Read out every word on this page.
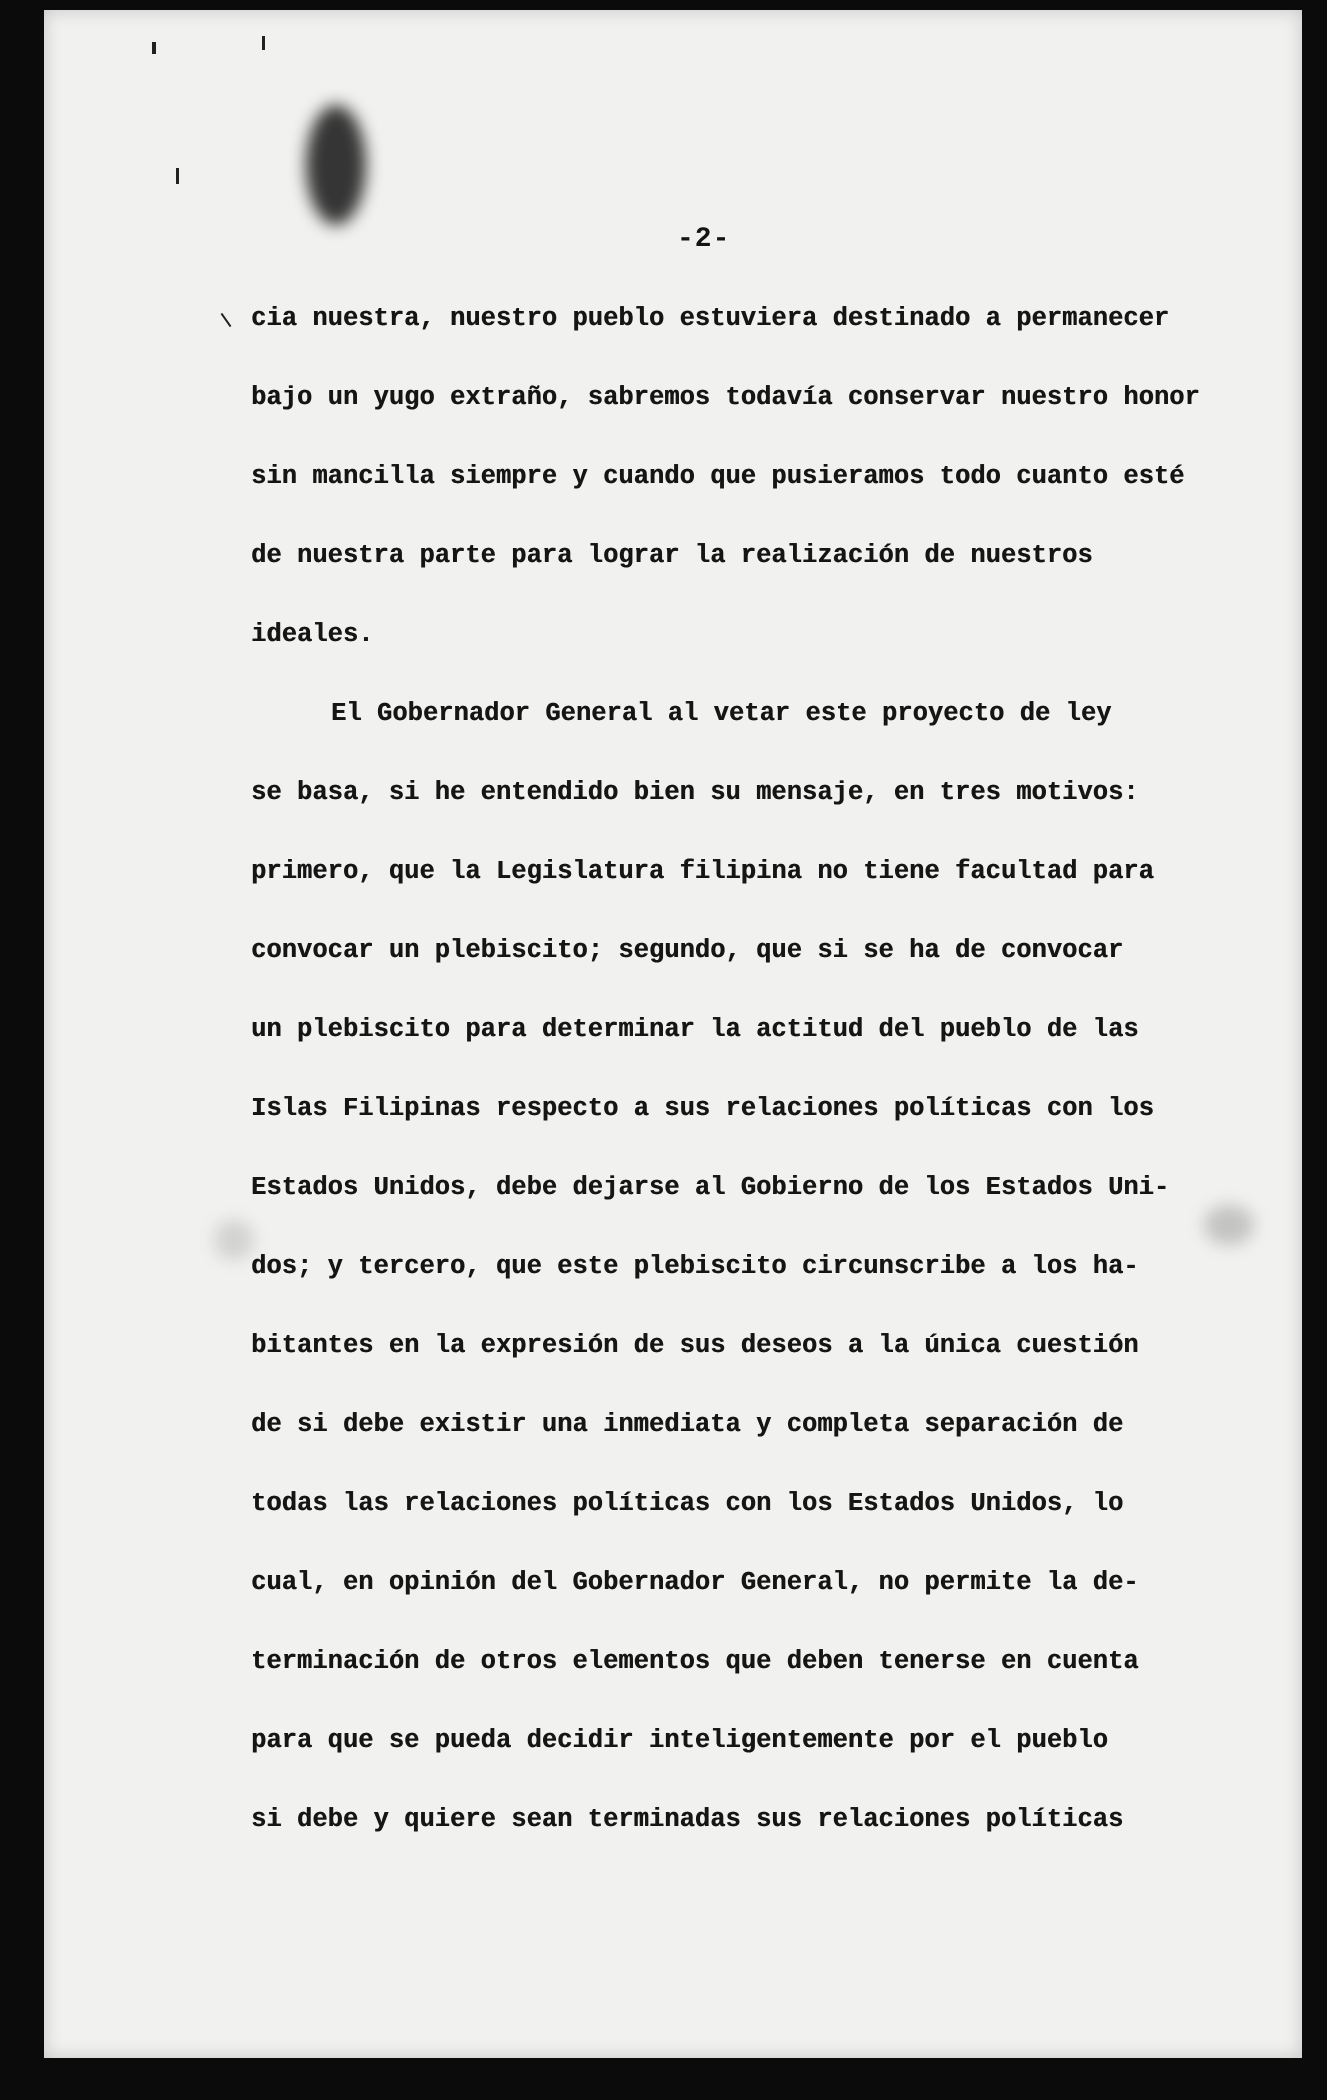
-2-
cia nuestra, nuestro pueblo estuviera destinado a permanecer
bajo un yugo extraño, sabremos todavía conservar nuestro honor
sin mancilla siempre y cuando que pusieramos todo cuanto esté
de nuestra parte para lograr la realización de nuestros
ideales.
El Gobernador General al vetar este proyecto de ley
se basa, si he entendido bien su mensaje, en tres motivos:
primero, que la Legislatura filipina no tiene facultad para
convocar un plebiscito; segundo, que si se ha de convocar
un plebiscito para determinar la actitud del pueblo de las
Islas Filipinas respecto a sus relaciones políticas con los
Estados Unidos, debe dejarse al Gobierno de los Estados Uni-
dos; y tercero, que este plebiscito circunscribe a los ha-
bitantes en la expresión de sus deseos a la única cuestión
de si debe existir una inmediata y completa separación de
todas las relaciones políticas con los Estados Unidos, lo
cual, en opinión del Gobernador General, no permite la de-
terminación de otros elementos que deben tenerse en cuenta
para que se pueda decidir inteligentemente por el pueblo
si debe y quiere sean terminadas sus relaciones políticas
